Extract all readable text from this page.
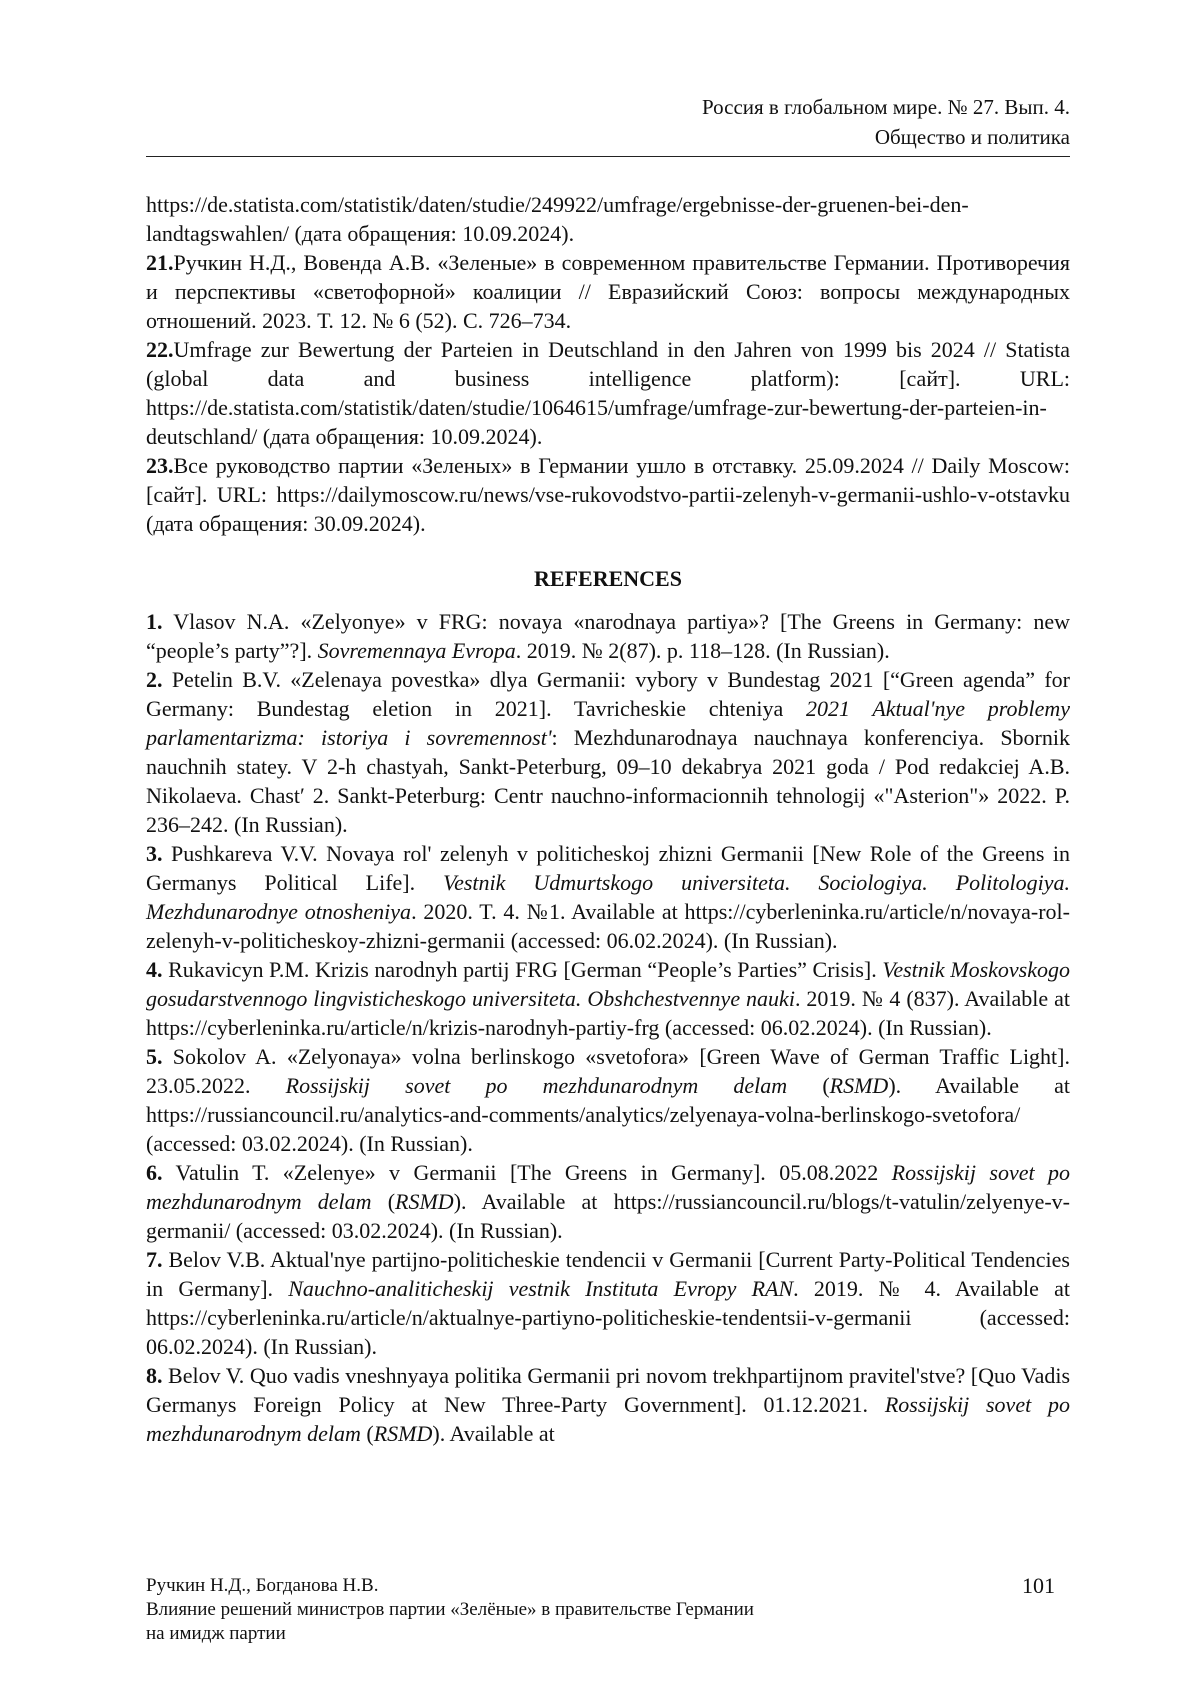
Россия в глобальном мире. № 27. Вып. 4.
Общество и политика

https://de.statista.com/statistik/daten/studie/249922/umfrage/ergebnisse-der-gruenen-bei-den-landtagswahlen/ (дата обращения: 10.09.2024).

21.Ручкин Н.Д., Вовенда А.В. «Зеленые» в современном правительстве Германии. Противоречия и перспективы «светофорной» коалиции // Евразийский Союз: вопросы международных отношений. 2023. Т. 12. № 6 (52). С. 726–734.

22.Umfrage zur Bewertung der Parteien in Deutschland in den Jahren von 1999 bis 2024 // Statista (global data and business intelligence platform): [сайт]. URL: https://de.statista.com/statistik/daten/studie/1064615/umfrage/umfrage-zur-bewertung-der-parteien-in-deutschland/ (дата обращения: 10.09.2024).

23.Все руководство партии «Зеленых» в Германии ушло в отставку. 25.09.2024 // Daily Moscow: [сайт]. URL: https://dailymoscow.ru/news/vse-rukovodstvo-partii-zelenyh-v-germanii-ushlo-v-otstavku (дата обращения: 30.09.2024).

REFERENCES

1. Vlasov N.A. «Zelyonye» v FRG: novaya «narodnaya partiya»? [The Greens in Germany: new “people’s party”?]. Sovremennaya Evropa. 2019. № 2(87). p. 118–128. (In Russian).

2. Petelin B.V. «Zelenaya povestka» dlya Germanii: vybory v Bundestag 2021 [“Green agenda” for Germany: Bundestag eletion in 2021]. Tavricheskie chteniya 2021 Aktual'nye problemy parlamentarizma: istoriya i sovremennost': Mezhdunarodnaya nauchnaya konferenciya. Sbornik nauchnih statey. V 2-h chastyah, Sankt-Peterburg, 09–10 dekabrya 2021 goda / Pod redakciej A.B. Nikolaeva. Chast′ 2. Sankt-Peterburg: Centr nauchno-informacionnih tehnologij «"Asterion"» 2022. P. 236–242. (In Russian).

3. Pushkareva V.V. Novaya rol' zelenyh v politicheskoj zhizni Germanii [New Role of the Greens in Germanys Political Life]. Vestnik Udmurtskogo universiteta. Sociologiya. Politologiya. Mezhdunarodnye otnosheniya. 2020. T. 4. №1. Available at https://cyberleninka.ru/article/n/novaya-rol-zelenyh-v-politicheskoy-zhizni-germanii (accessed: 06.02.2024). (In Russian).

4. Rukavicyn P.M. Krizis narodnyh partij FRG [German “People’s Parties” Crisis]. Vestnik Moskovskogo gosudarstvennogo lingvisticheskogo universiteta. Obshchestvennye nauki. 2019. № 4 (837). Available at https://cyberleninka.ru/article/n/krizis-narodnyh-partiy-frg (accessed: 06.02.2024). (In Russian).

5. Sokolov A. «Zelyonaya» volna berlinskogo «svetofora» [Green Wave of German Traffic Light]. 23.05.2022. Rossijskij sovet po mezhdunarodnym delam (RSMD). Available at https://russiancouncil.ru/analytics-and-comments/analytics/zelyenaya-volna-berlinskogo-svetofora/ (accessed: 03.02.2024). (In Russian).

6. Vatulin T. «Zelenye» v Germanii [The Greens in Germany]. 05.08.2022 Rossijskij sovet po mezhdunarodnym delam (RSMD). Available at https://russiancouncil.ru/blogs/t-vatulin/zelyenye-v-germanii/ (accessed: 03.02.2024). (In Russian).

7. Belov V.B. Aktual'nye partijno-politicheskie tendencii v Germanii [Current Party-Political Tendencies in Germany]. Nauchno-analiticheskij vestnik Instituta Evropy RAN. 2019. № 4. Available at https://cyberleninka.ru/article/n/aktualnye-partiyno-politicheskie-tendentsii-v-germanii (accessed: 06.02.2024). (In Russian).

8. Belov V. Quo vadis vneshnyaya politika Germanii pri novom trekhpartijnom pravitel'stve? [Quo Vadis Germanys Foreign Policy at New Three-Party Government]. 01.12.2021. Rossijskij sovet po mezhdunarodnym delam (RSMD). Available at

Ручкин Н.Д., Богданова Н.В.
Влияние решений министров партии «Зелёные» в правительстве Германии
на имидж партии
101
